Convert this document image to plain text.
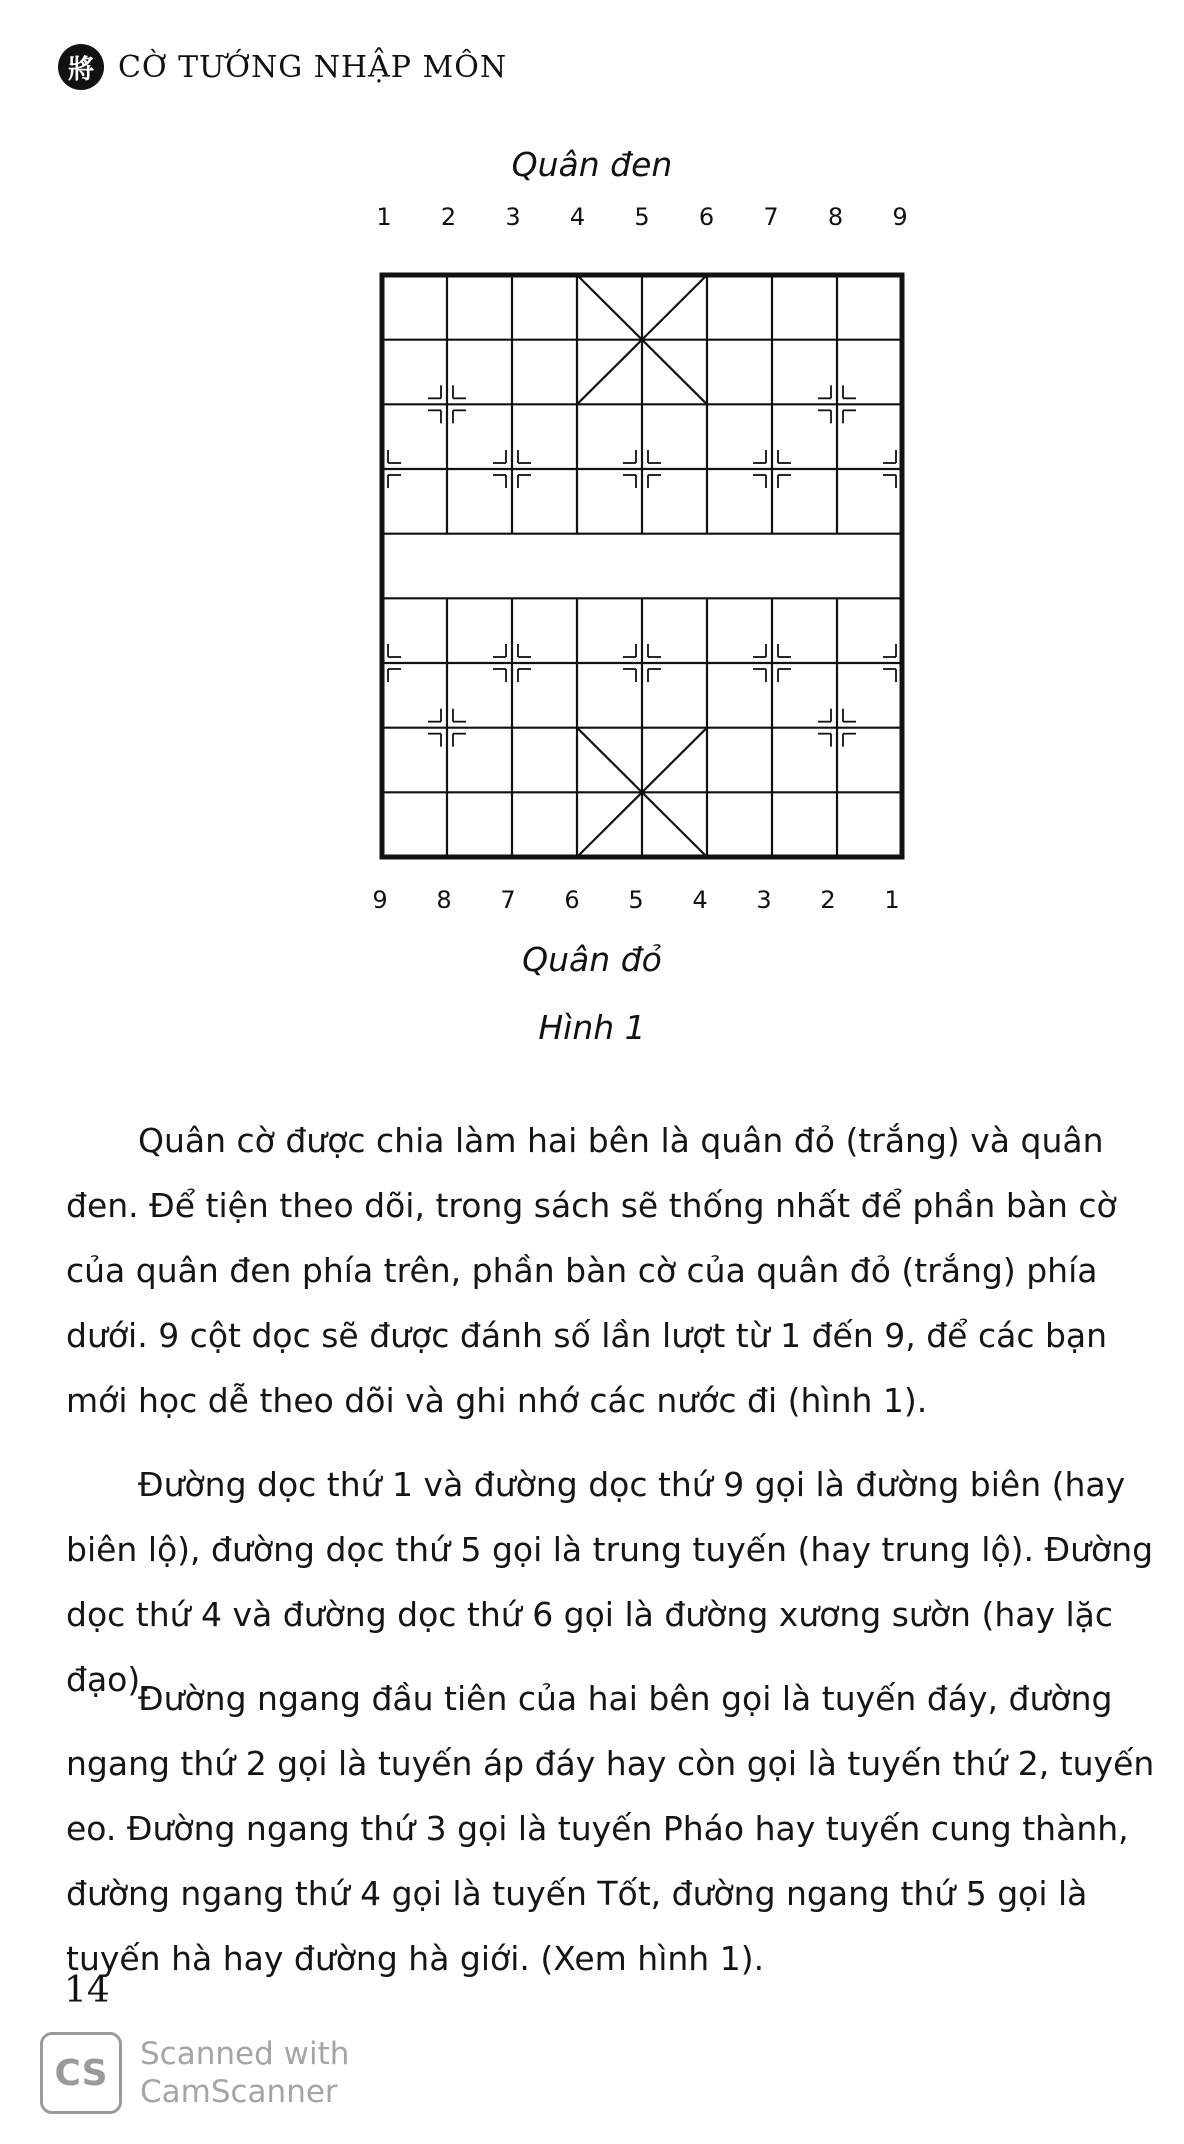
將 CỜ TƯỚNG NHẬP MÔN
Quân đen
Quân đỏ
Hình 1
1 2 3 4 5 6 7 8 9
9 8 7 6 5 4 3 2 1

Quân cờ được chia làm hai bên là quân đỏ (trắng) và quân đen. Để tiện theo dõi, trong sách sẽ thống nhất để phần bàn cờ của quân đen phía trên, phần bàn cờ của quân đỏ (trắng) phía dưới. 9 cột dọc sẽ được đánh số lần lượt từ 1 đến 9, để các bạn mới học dễ theo dõi và ghi nhớ các nước đi (hình 1).

Đường dọc thứ 1 và đường dọc thứ 9 gọi là đường biên (hay biên lộ), đường dọc thứ 5 gọi là trung tuyến (hay trung lộ). Đường dọc thứ 4 và đường dọc thứ 6 gọi là đường xương sườn (hay lặc đạo).

Đường ngang đầu tiên của hai bên gọi là tuyến đáy, đường ngang thứ 2 gọi là tuyến áp đáy hay còn gọi là tuyến thứ 2, tuyến eo. Đường ngang thứ 3 gọi là tuyến Pháo hay tuyến cung thành, đường ngang thứ 4 gọi là tuyến Tốt, đường ngang thứ 5 gọi là tuyến hà hay đường hà giới. (Xem hình 1).

14
CS	Scanned with
CamScanner
